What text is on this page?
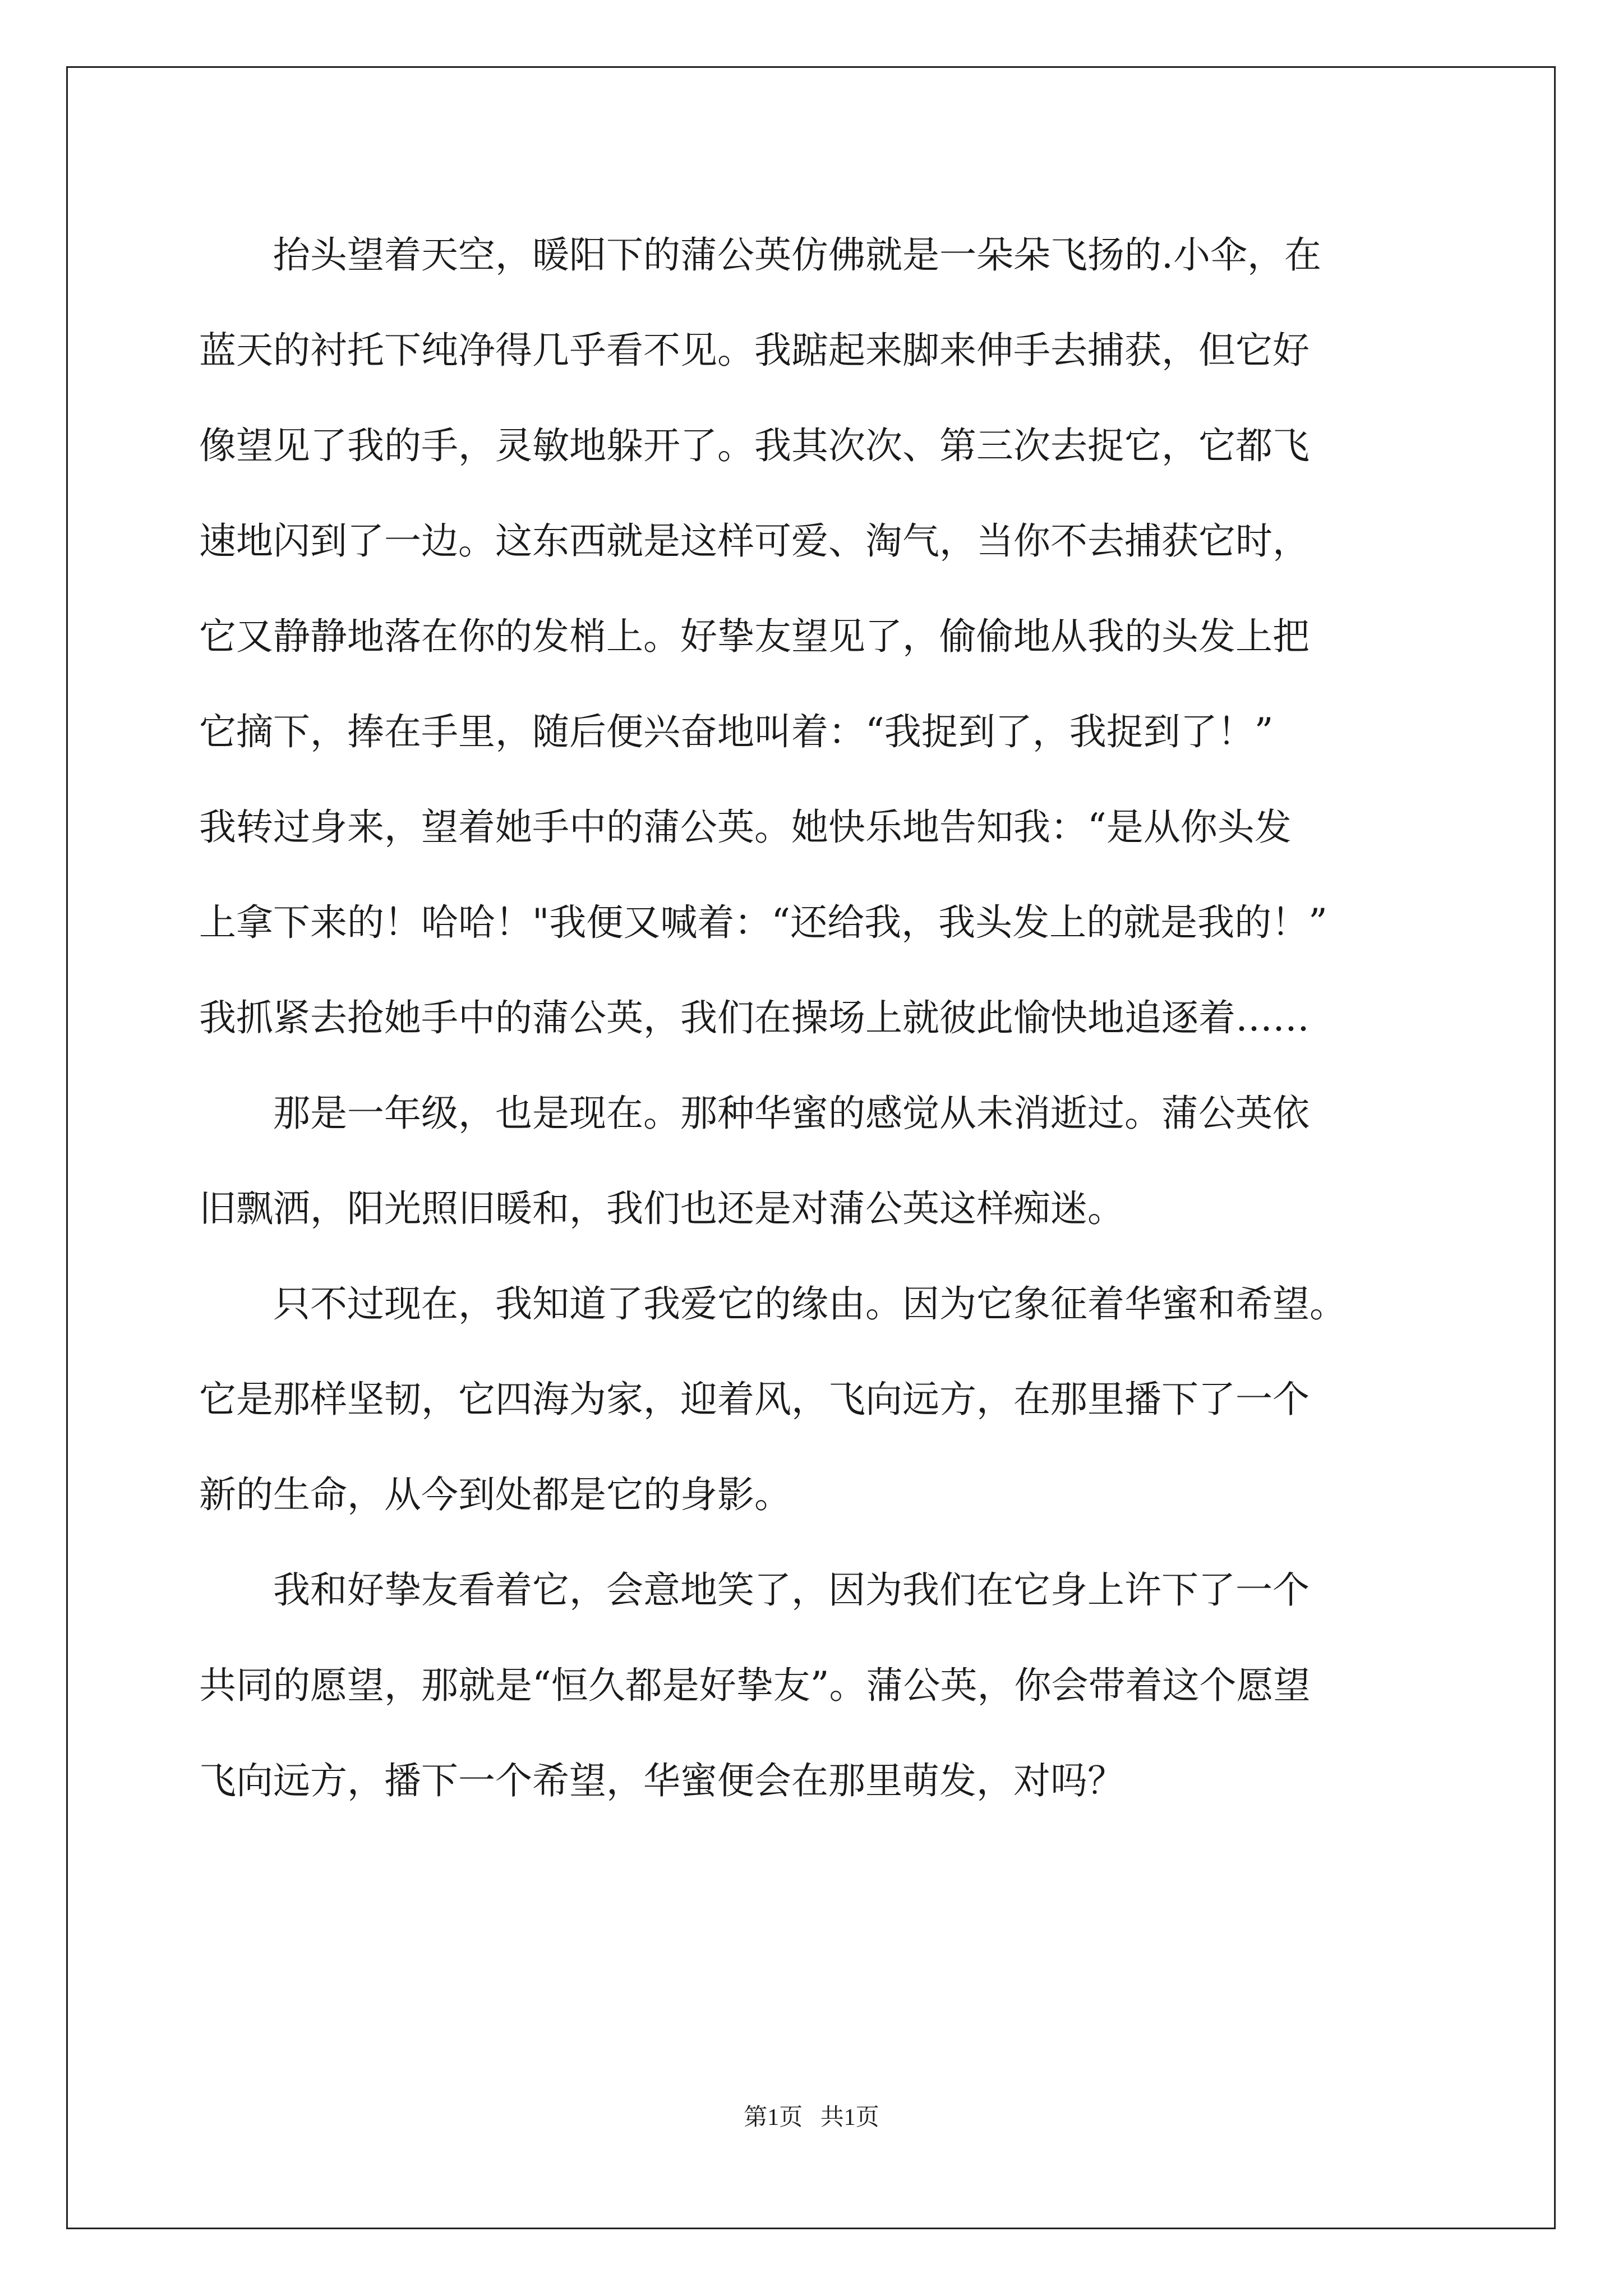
　　抬头望着天空，暖阳下的蒲公英仿佛就是一朵朵飞扬的.小伞，在
蓝天的衬托下纯净得几乎看不见。我踮起来脚来伸手去捕获，但它好
像望见了我的手，灵敏地躲开了。我其次次、第三次去捉它，它都飞
速地闪到了一边。这东西就是这样可爱、淘气，当你不去捕获它时，
它又静静地落在你的发梢上。好挚友望见了，偷偷地从我的头发上把
它摘下，捧在手里，随后便兴奋地叫着：“我捉到了，我捉到了！”
我转过身来，望着她手中的蒲公英。她快乐地告知我：“是从你头发
上拿下来的！哈哈！"我便又喊着：“还给我，我头发上的就是我的！”
我抓紧去抢她手中的蒲公英，我们在操场上就彼此愉快地追逐着……
　　那是一年级，也是现在。那种华蜜的感觉从未消逝过。蒲公英依
旧飘洒，阳光照旧暖和，我们也还是对蒲公英这样痴迷。
　　只不过现在，我知道了我爱它的缘由。因为它象征着华蜜和希望。
它是那样坚韧，它四海为家，迎着风，飞向远方，在那里播下了一个
新的生命，从今到处都是它的身影。
　　我和好挚友看着它，会意地笑了，因为我们在它身上许下了一个
共同的愿望，那就是“恒久都是好挚友”。蒲公英，你会带着这个愿望
飞向远方，播下一个希望，华蜜便会在那里萌发，对吗？
第1页   共1页
